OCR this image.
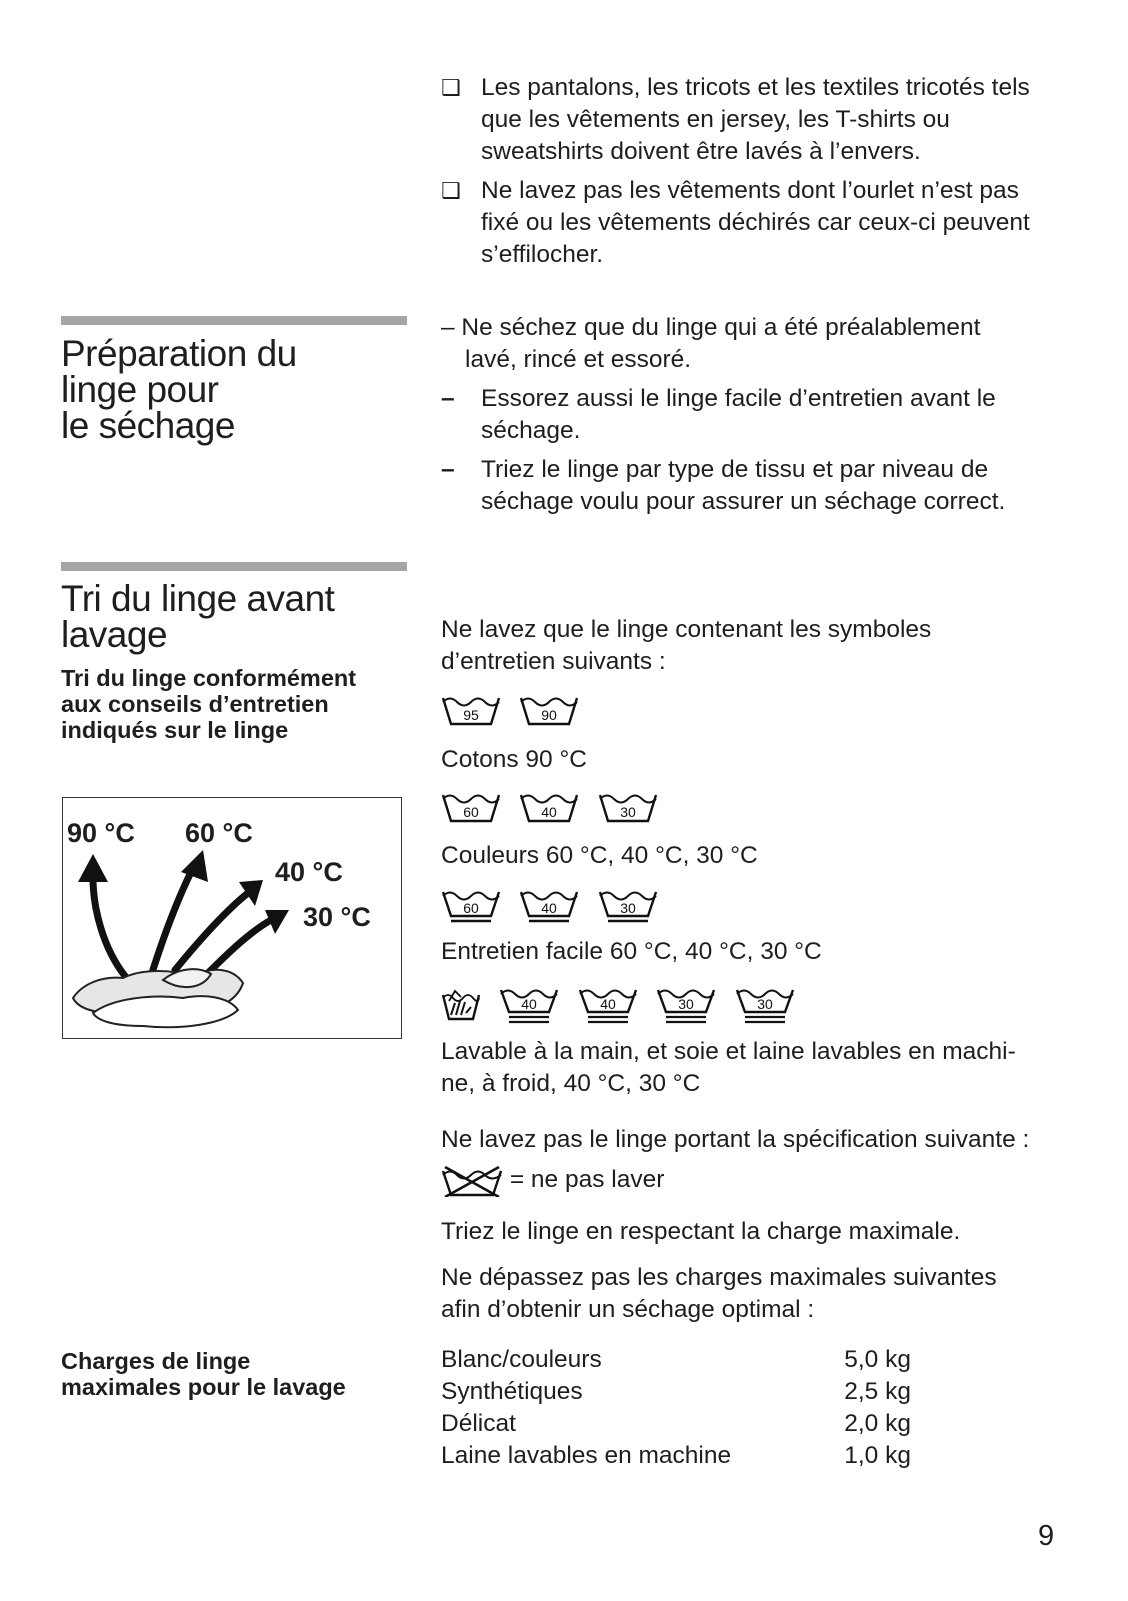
❑ Les pantalons, les tricots et les textiles tricotés tels
que les vêtements en jersey, les T-shirts ou
sweatshirts doivent être lavés à l’envers.
❑ Ne lavez pas les vêtements dont l’ourlet n’est pas
fixé ou les vêtements déchirés car ceux-ci peuvent
s’effilocher.
Préparation du
linge pour
le séchage
– Ne séchez que du linge qui a été préalablement
lavé, rincé et essoré.
– Essorez aussi le linge facile d’entretien avant le
séchage.
– Triez le linge par type de tissu et par niveau de
séchage voulu pour assurer un séchage correct.
Tri du linge avant
lavage
Tri du linge conformément
aux conseils d’entretien
indiqués sur le linge
90 °C 60 °C
40 °C
30 °C
Ne lavez que le linge contenant les symboles
d’entretien suivants :
95
	90
Cotons 90 °C
60
	40
	30
Couleurs 60 °C, 40 °C, 30 °C
60
	40
	30
Entretien facile 60 °C, 40 °C, 30 °C

40
	40
	30
	30
Lavable à la main, et soie et laine lavables en machi-
ne, à froid, 40 °C, 30 °C
Ne lavez pas le linge portant la spécification suivante :
= ne pas laver
Triez le linge en respectant la charge maximale.
Ne dépassez pas les charges maximales suivantes
afin d’obtenir un séchage optimal :
Charges de linge
maximales pour le lavage
Blanc/couleurs	5,0 kg
Synthétiques	2,5 kg
Délicat	2,0 kg
Laine lavables en machine	1,0 kg
9
